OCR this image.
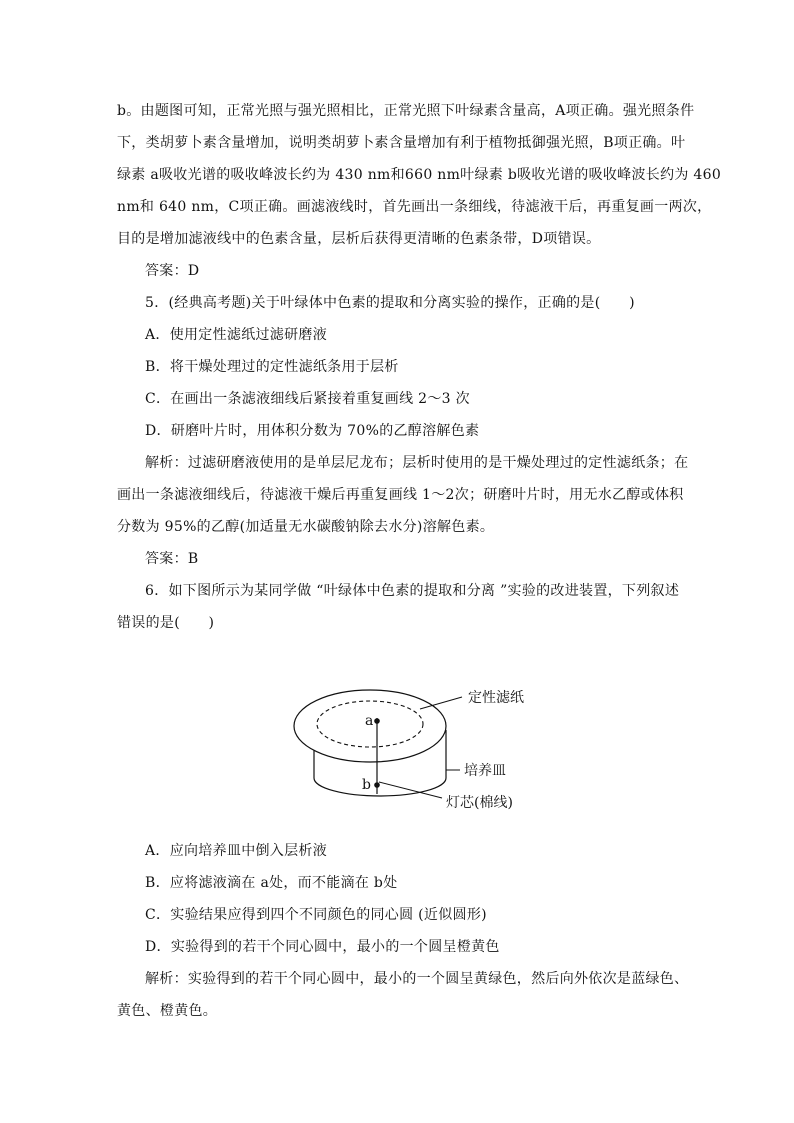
b。由题图可知，正常光照与强光照相比，正常光照下叶绿素含量高，A项正确。强光照条件
下，类胡萝卜素含量增加，说明类胡萝卜素含量增加有利于植物抵御强光照，B项正确。叶
绿素 a吸收光谱的吸收峰波长约为 430 nm和660 nm叶绿素 b吸收光谱的吸收峰波长约为 460
nm和 640 nm，C项正确。画滤液线时，首先画出一条细线，待滤液干后，再重复画一两次，
目的是增加滤液线中的色素含量，层析后获得更清晰的色素条带，D项错误。
答案：D
5．(经典高考题)关于叶绿体中色素的提取和分离实验的操作，正确的是(　　)
A．使用定性滤纸过滤研磨液
B．将干燥处理过的定性滤纸条用于层析
C．在画出一条滤液细线后紧接着重复画线 2～3 次
D．研磨叶片时，用体积分数为 70%的乙醇溶解色素
解析：过滤研磨液使用的是单层尼龙布；层析时使用的是干燥处理过的定性滤纸条；在
画出一条滤液细线后，待滤液干燥后再重复画线 1～2次；研磨叶片时，用无水乙醇或体积
分数为 95%的乙醇(加适量无水碳酸钠除去水分)溶解色素。
答案：B
6．如下图所示为某同学做 “叶绿体中色素的提取和分离 ”实验的改进装置，下列叙述
错误的是(　　)
a
b
定性滤纸
培养皿
灯芯(棉线)
A．应向培养皿中倒入层析液
B．应将滤液滴在 a处，而不能滴在 b处
C．实验结果应得到四个不同颜色的同心圆 (近似圆形)
D．实验得到的若干个同心圆中，最小的一个圆呈橙黄色
解析：实验得到的若干个同心圆中，最小的一个圆呈黄绿色，然后向外依次是蓝绿色、
黄色、橙黄色。
